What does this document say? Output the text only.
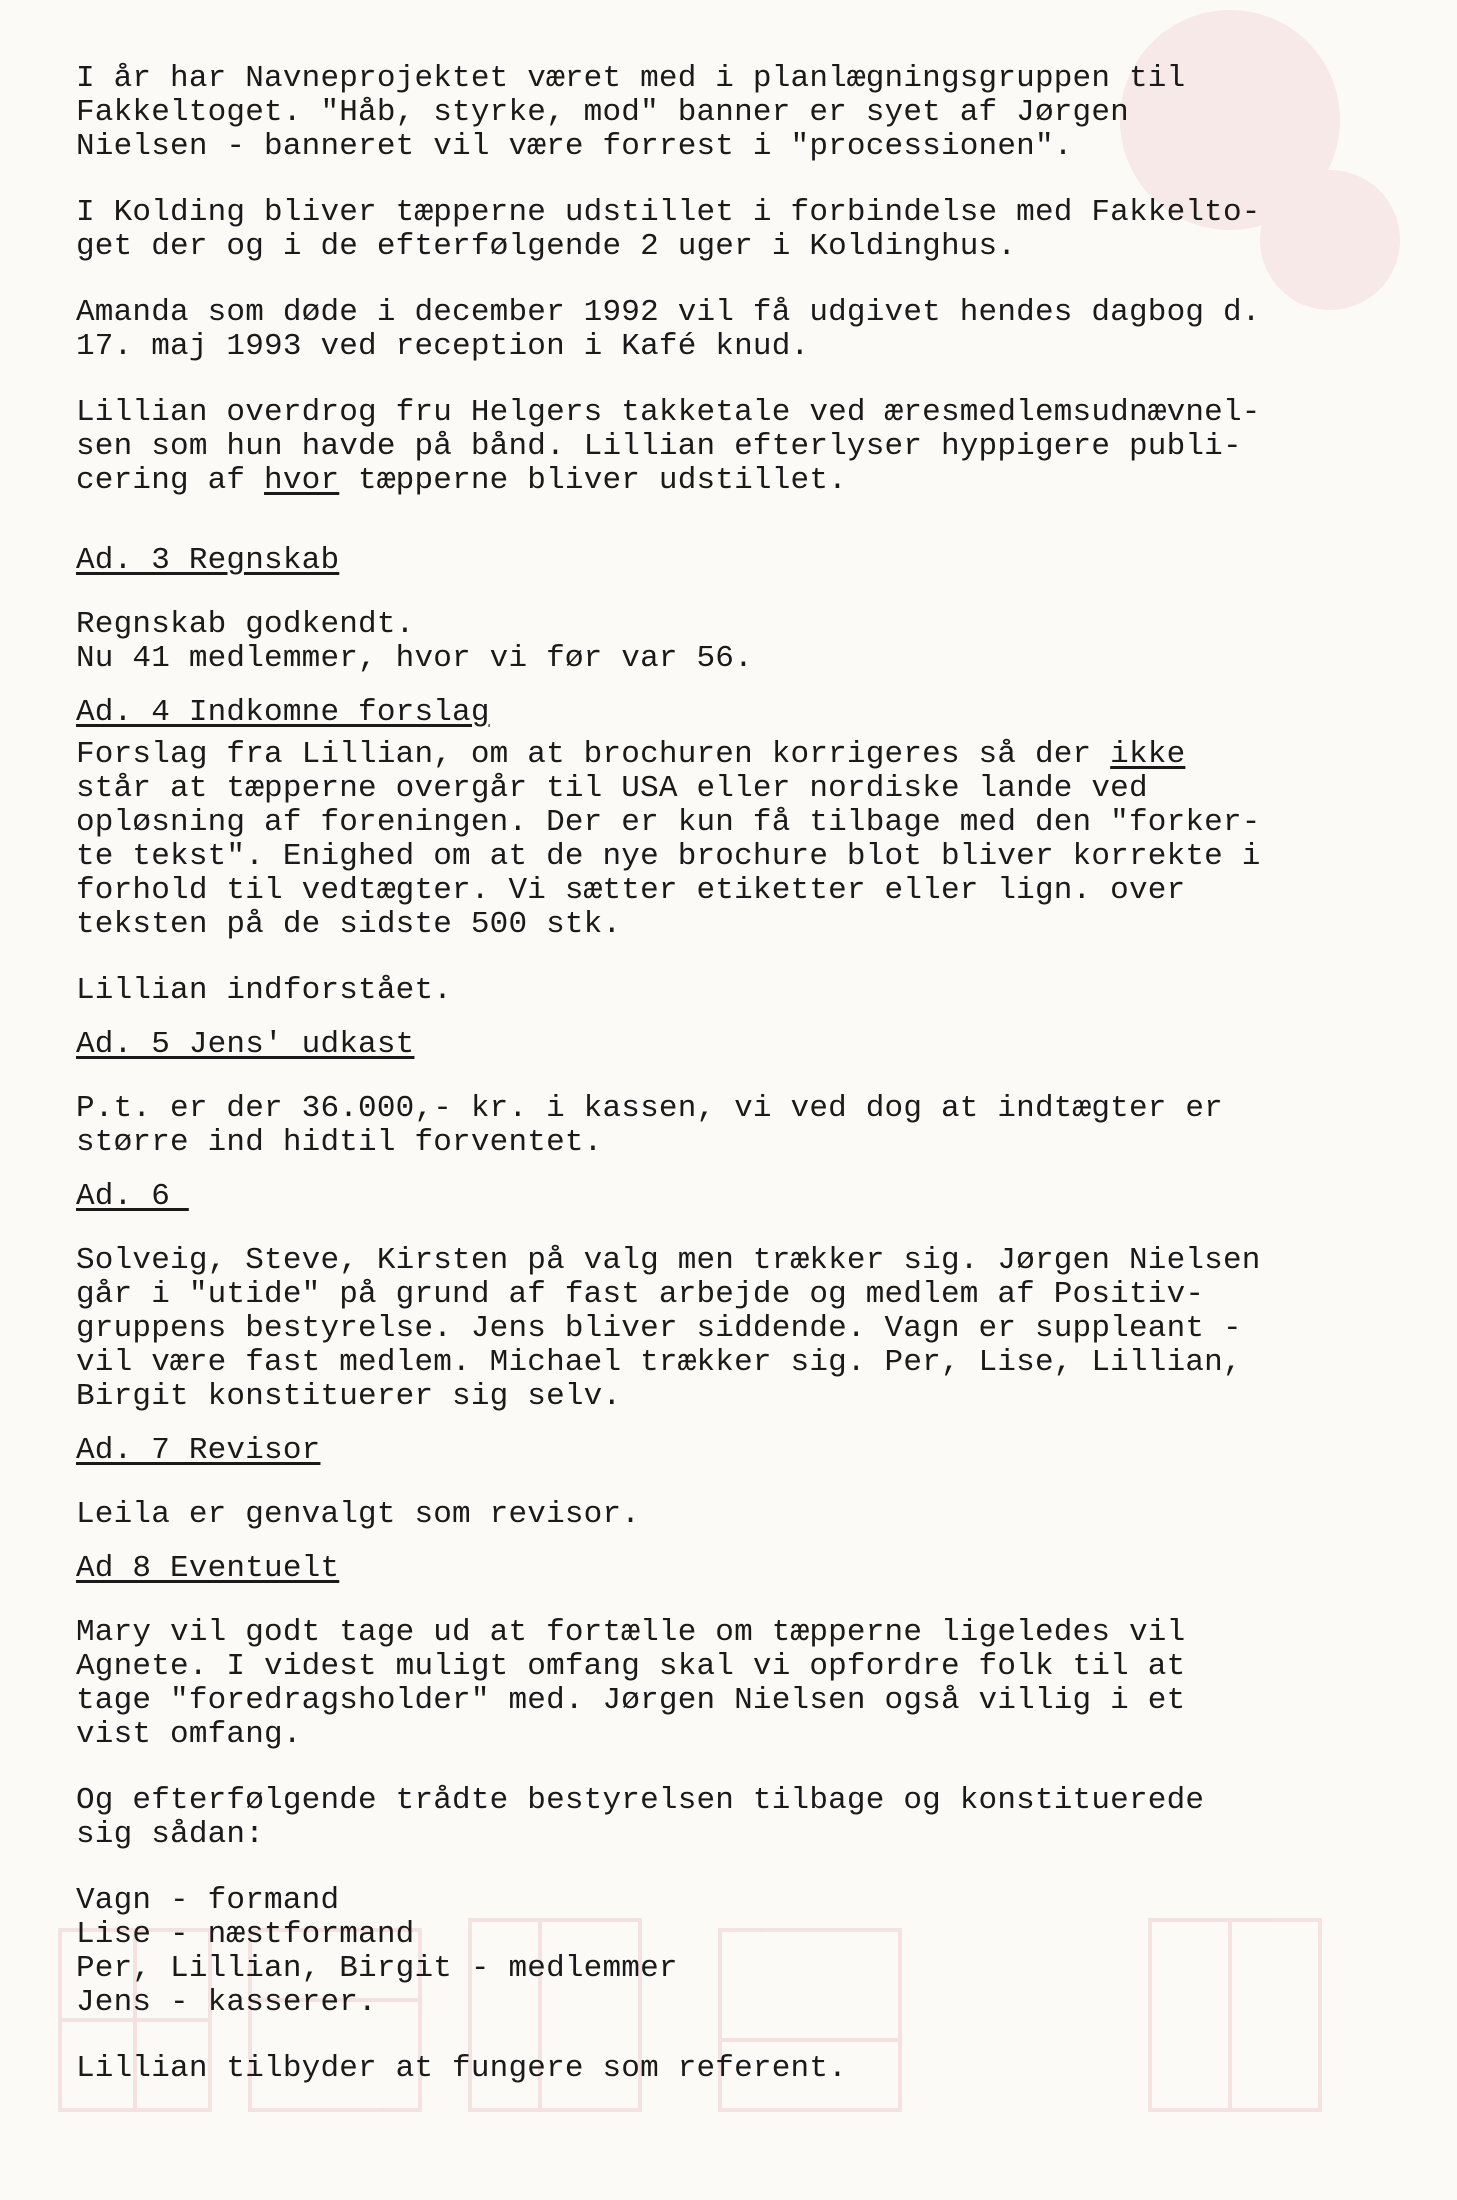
I år har Navneprojektet været med i planlægningsgruppen til
Fakkeltoget. "Håb, styrke, mod" banner er syet af Jørgen
Nielsen - banneret vil være forrest i "processionen".
I Kolding bliver tæpperne udstillet i forbindelse med Fakkelto-
get der og i de efterfølgende 2 uger i Koldinghus.
Amanda som døde i december 1992 vil få udgivet hendes dagbog d.
17. maj 1993 ved reception i Kafé knud.
Lillian overdrog fru Helgers takketale ved æresmedlemsudnævnel-
sen som hun havde på bånd. Lillian efterlyser hyppigere publi-
cering af hvor tæpperne bliver udstillet.
Ad. 3 Regnskab
Regnskab godkendt.
Nu 41 medlemmer, hvor vi før var 56.
Ad. 4 Indkomne forslag
Forslag fra Lillian, om at brochuren korrigeres så der ikke
står at tæpperne overgår til USA eller nordiske lande ved
opløsning af foreningen. Der er kun få tilbage med den "forker-
te tekst". Enighed om at de nye brochure blot bliver korrekte i
forhold til vedtægter. Vi sætter etiketter eller lign. over
teksten på de sidste 500 stk.
Lillian indforstået.
Ad. 5 Jens' udkast
P.t. er der 36.000,- kr. i kassen, vi ved dog at indtægter er
større ind hidtil forventet.
Ad. 6
Solveig, Steve, Kirsten på valg men trækker sig. Jørgen Nielsen
går i "utide" på grund af fast arbejde og medlem af Positiv-
gruppens bestyrelse. Jens bliver siddende. Vagn er suppleant -
vil være fast medlem. Michael trækker sig. Per, Lise, Lillian,
Birgit konstituerer sig selv.
Ad. 7 Revisor
Leila er genvalgt som revisor.
Ad 8 Eventuelt
Mary vil godt tage ud at fortælle om tæpperne ligeledes vil
Agnete. I videst muligt omfang skal vi opfordre folk til at
tage "foredragsholder" med. Jørgen Nielsen også villig i et
vist omfang.
Og efterfølgende trådte bestyrelsen tilbage og konstituerede
sig sådan:
Vagn - formand
Lise - næstformand
Per, Lillian, Birgit - medlemmer
Jens - kasserer.
Lillian tilbyder at fungere som referent.
